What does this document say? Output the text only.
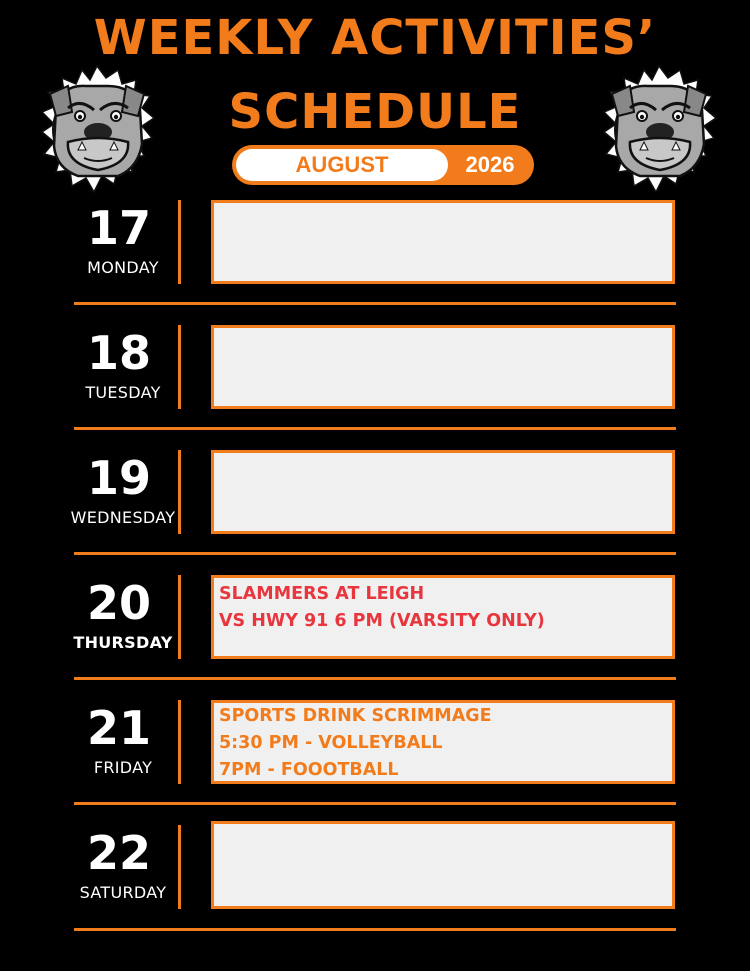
WEEKLY ACTIVITIES’
SCHEDULE
AUGUST	2026
17
MONDAY
18
TUESDAY
19
WEDNESDAY
20
THURSDAY
SLAMMERS AT LEIGH
VS HWY 91 6 PM (VARSITY ONLY)
21
FRIDAY
SPORTS DRINK SCRIMMAGE
5:30 PM - VOLLEYBALL
7PM - FOOOTBALL
22
SATURDAY
